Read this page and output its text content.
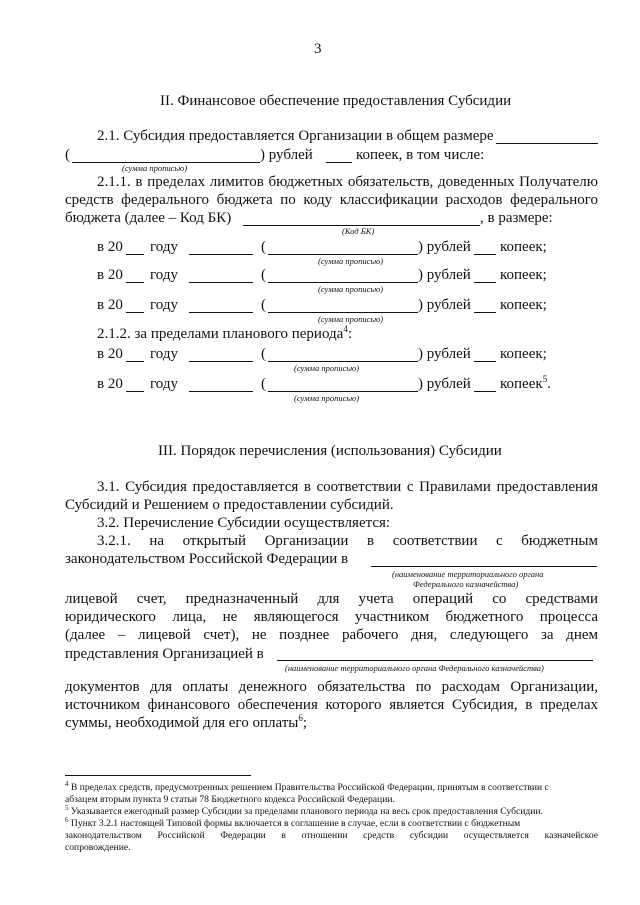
3
II. Финансовое обеспечение предоставления Субсидии
2.1. Субсидия предоставляется Организации в общем размере
(	) рублей	копеек, в том числе:
(сумма прописью)
2.1.1. в пределах лимитов бюджетных обязательств, доведенных Получателю
средств федерального бюджета по коду классификации расходов федерального
бюджета (далее – Код БК)	, в размере:
(Код БК)
в 20 году	(	) рублей копеек;
(сумма прописью)
в 20 году	(	) рублей копеек;
(сумма прописью)
в 20 году	(	) рублей копеек;
(сумма прописью)
2.1.2. за пределами планового периода$^4$:
в 20 году	(	) рублей копеек;
(сумма прописью)
в 20 году	(	) рублей копеек$^5$.
(сумма прописью)
III. Порядок перечисления (использования) Субсидии
3.1. Субсидия предоставляется в соответствии с Правилами предоставления
Субсидий и Решением о предоставлении субсидий.
3.2. Перечисление Субсидии осуществляется:
3.2.1. на открытый Организации в соответствии с бюджетным
законодательством Российской Федерации в
(наименование территориального органа
Федерального казначейства)
лицевой счет, предназначенный для учета операций со средствами
юридического лица, не являющегося участником бюджетного процесса
(далее – лицевой счет), не позднее рабочего дня, следующего за днем
представления Организацией в
(наименование территориального органа Федерального казначейства)
документов для оплаты денежного обязательства по расходам Организации,
источником финансового обеспечения которого является Субсидия, в пределах
суммы, необходимой для его оплаты$^6$;
$^4$ В пределах средств, предусмотренных решением Правительства Российской Федерации, принятым в соответствии с
абзацем вторым пункта 9 статьи 78 Бюджетного кодекса Российской Федерации.
$^5$ Указывается ежегодный размер Субсидии за пределами планового периода на весь срок предоставления Субсидии.
$^6$ Пункт 3.2.1 настоящей Типовой формы включается в соглашение в случае, если в соответствии с бюджетным
законодательством Российской Федерации в отношении средств субсидии осуществляется казначейское
сопровождение.
